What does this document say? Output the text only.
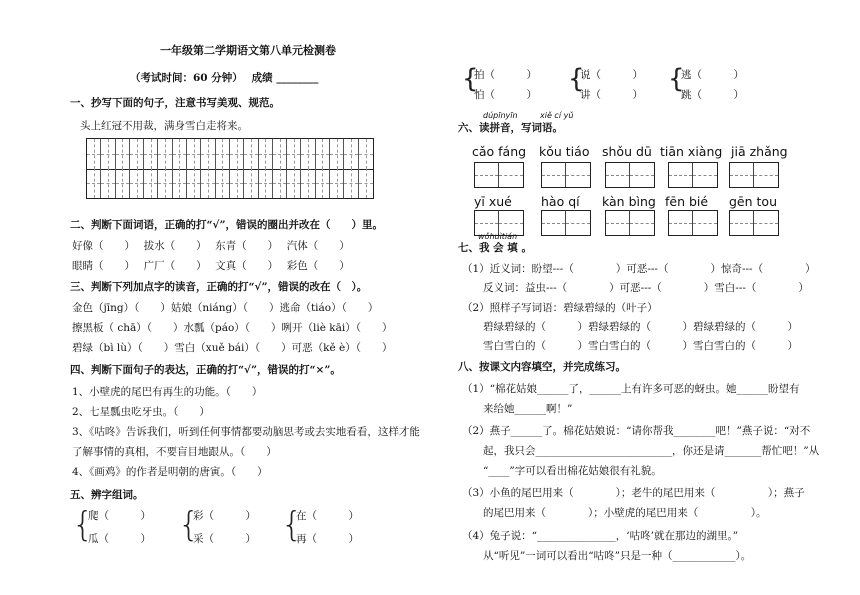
一年级第二学期语文第八单元检测卷
（考试时间：60 分钟）　 成绩 ________
一、抄写下面的句子，注意书写美观、规范。
头上红冠不用裁，满身雪白走将来。
二、判断下面词语，正确的打“√”，错误的圈出并改在（　　）里。
好像（　　）　 拔水（　　）　 东青（　　）　 汽体（　　）
眼睛（　　）　 广厂（　　）　 文真（　　）　 彩色（　　）
三、判断下列加点字的读音，正确的打“√”，错误的改在（　）。
金色（jīng）（　　）姑娘（niáng）（　　）逃命（tiáo）（　　）
擦黑板（ chā）（　　）水瓢（páo）（　　）咧开（liè kāi）（　　）
碧绿（bì lù）（　　）雪白（xuě bái）（　　）可恶（kě è）（　　）
四、判断下面句子的表达，正确的打“√”，错误的打“×”。
1、小壁虎的尾巴有再生的功能。（　　）
2、七星瓢虫吃牙虫。（　　）
3、《咕咚》告诉我们，听到任何事情都要动脑思考或去实地看看，这样才能
了解事情的真相，不要盲目地跟从。（　　）
4、《画鸡》的作者是明朝的唐寅。（　　）
五、辨字组词。
{
爬（　　　）
瓜（　　　） {
彩（　　　）
采（　　　） {
在（　　　）
再（　　　）
{
拍（　　　）
怕（　　　）
{
说（　　　）
讲（　　　）
{
逃（　　　）
跳（　　　）
dúpīnyīn	xiě cí yǔ
六、读拼音，写词语。
cǎo fáng kǒu tiáo shǒu dū tiān xiàng jiā zhǎng
yī xué hào qí kàn bìng fēn bié gēn tou
wǒhuìtián
七、我 会 填 。
（1）近义词：盼望---（　　　　）可恶---（　　　　）惊奇---（　　　　）
　　反义词：益虫---（　　　　）可恶---（　　　　）雪白---（　　　　）
（2）照样子写词语：碧绿碧绿的（叶子）
　　碧绿碧绿的（　　　）碧绿碧绿的（　　　）碧绿碧绿的（　　　）
　　雪白雪白的（　　　）雪白雪白的（　　　）雪白雪白的（　　　）
八、按课文内容填空，并完成练习。
（1）“棉花姑娘______了，______上有许多可恶的蚜虫。她______盼望有
　　来给她______啊！”
（2）燕子______了。棉花姑娘说：“请你帮我________吧！”燕子说：“对不
　　起，我只会__________________________，你还是请_______帮忙吧！”从
　　“____”字可以看出棉花姑娘很有礼貌。
（3）小鱼的尾巴用来（　　　　）；老牛的尾巴用来（　　　　　）；燕子
　　的尾巴用来（　　　　）；小壁虎的尾巴用来（　　　　　）。
（4）兔子说：“_______________，‘咕咚’就在那边的湖里。”
　　从“听见”一词可以看出“咕咚”只是一种（____________）。
